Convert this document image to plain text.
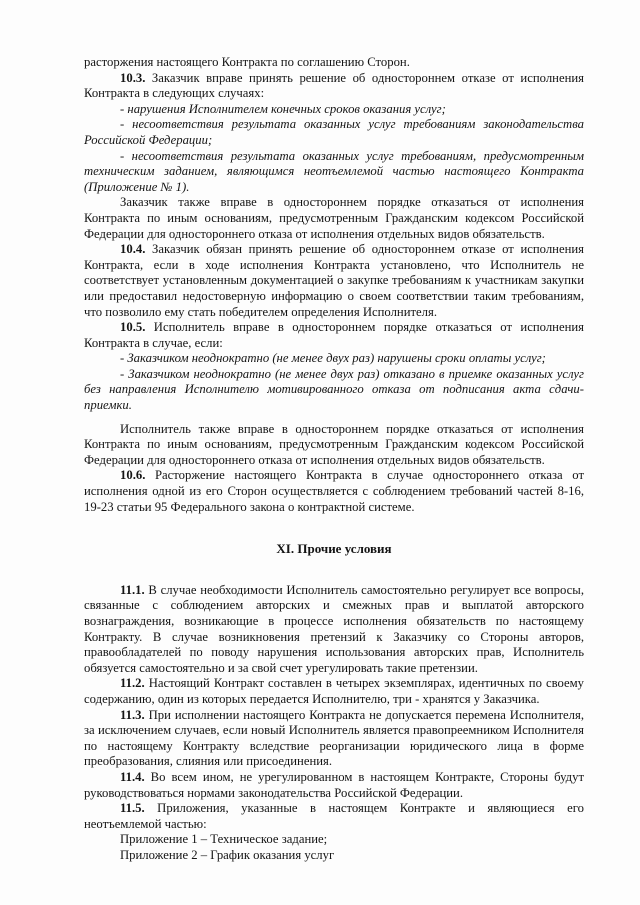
расторжения настоящего Контракта по соглашению Сторон.

10.3. Заказчик вправе принять решение об одностороннем отказе от исполнения Контракта в следующих случаях:

- нарушения Исполнителем конечных сроков оказания услуг;

- несоответствия результата оказанных услуг требованиям законодательства Российской Федерации;

- несоответствия результата оказанных услуг требованиям, предусмотренным техническим заданием, являющимся неотъемлемой частью настоящего Контракта (Приложение № 1).

Заказчик также вправе в одностороннем порядке отказаться от исполнения Контракта по иным основаниям, предусмотренным Гражданским кодексом Российской Федерации для одностороннего отказа от исполнения отдельных видов обязательств.

10.4. Заказчик обязан принять решение об одностороннем отказе от исполнения Контракта, если в ходе исполнения Контракта установлено, что Исполнитель не соответствует установленным документацией о закупке требованиям к участникам закупки или предоставил недостоверную информацию о своем соответствии таким требованиям, что позволило ему стать победителем определения Исполнителя.

10.5. Исполнитель вправе в одностороннем порядке отказаться от исполнения Контракта в случае, если:

- Заказчиком неоднократно (не менее двух раз) нарушены сроки оплаты услуг;

- Заказчиком неоднократно (не менее двух раз) отказано в приемке оказанных услуг без направления Исполнителю мотивированного отказа от подписания акта сдачи-приемки.

Исполнитель также вправе в одностороннем порядке отказаться от исполнения Контракта по иным основаниям, предусмотренным Гражданским кодексом Российской Федерации для одностороннего отказа от исполнения отдельных видов обязательств.

10.6. Расторжение настоящего Контракта в случае одностороннего отказа от исполнения одной из его Сторон осуществляется с соблюдением требований частей 8-16, 19-23 статьи 95 Федерального закона о контрактной системе.

XI. Прочие условия

11.1. В случае необходимости Исполнитель самостоятельно регулирует все вопросы, связанные с соблюдением авторских и смежных прав и выплатой авторского вознаграждения, возникающие в процессе исполнения обязательств по настоящему Контракту. В случае возникновения претензий к Заказчику со Стороны авторов, правообладателей по поводу нарушения использования авторских прав, Исполнитель обязуется самостоятельно и за свой счет урегулировать такие претензии.

11.2. Настоящий Контракт составлен в четырех экземплярах, идентичных по своему содержанию, один из которых передается Исполнителю, три - хранятся у Заказчика.

11.3. При исполнении настоящего Контракта не допускается перемена Исполнителя, за исключением случаев, если новый Исполнитель является правопреемником Исполнителя по настоящему Контракту вследствие реорганизации юридического лица в форме преобразования, слияния или присоединения.

11.4. Во всем ином, не урегулированном в настоящем Контракте, Стороны будут руководствоваться нормами законодательства Российской Федерации.

11.5. Приложения, указанные в настоящем Контракте и являющиеся его неотъемлемой частью:

Приложение 1 – Техническое задание;

Приложение 2 – График оказания услуг
